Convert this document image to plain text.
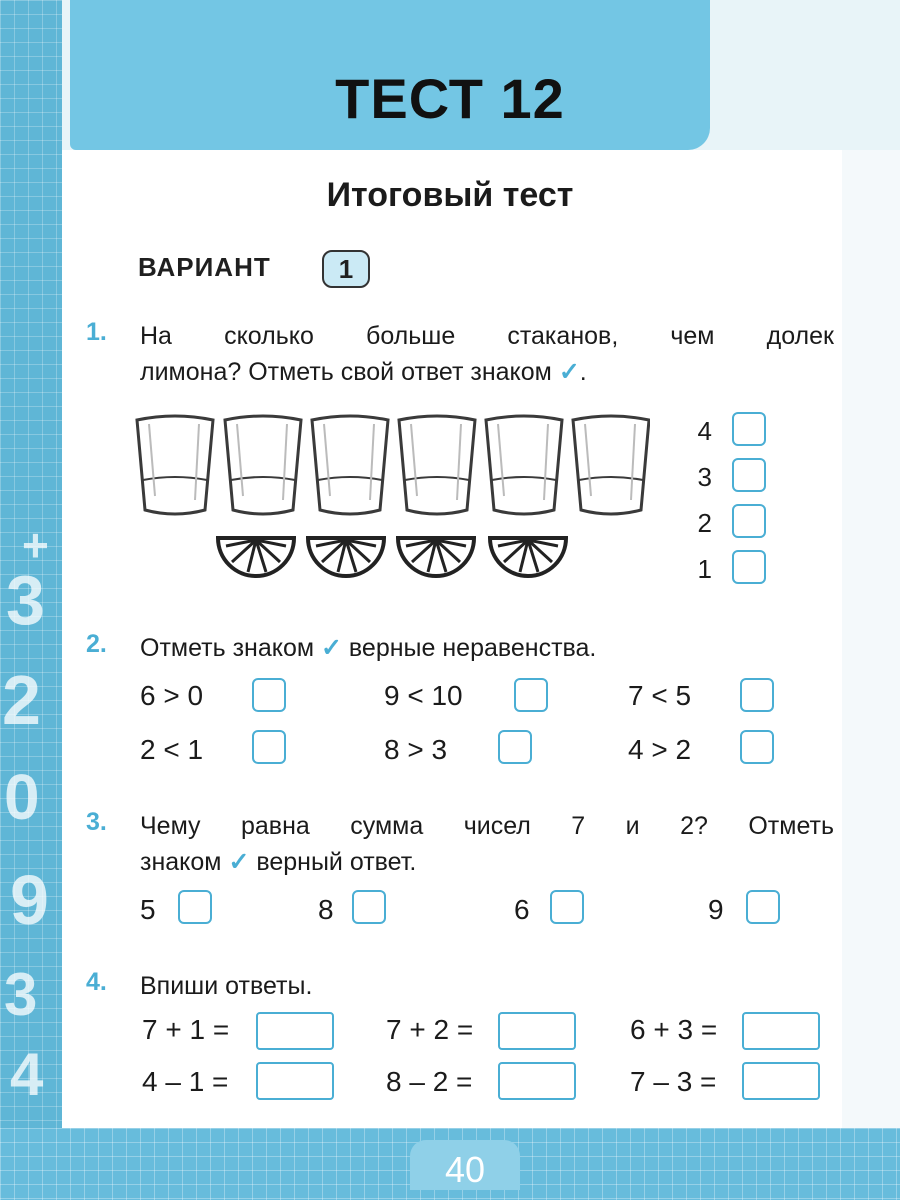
+
3
2
0
9
3
4
40
ТЕСТ 12
Итоговый тест
ВАРИАНТ	1
1. На сколько больше стаканов, чем долек
лимона? Отметь свой ответ знаком ✓.
4
3
2
1
2. Отметь знаком ✓ верные неравенства.
6 > 0	9 < 10	7 < 5
2 < 1	8 > 3	4 > 2
3. Чему равна сумма чисел 7 и 2? Отметь
знаком ✓ верный ответ.
5	8	6	9
4. Впиши ответы.
7 + 1 =	7 + 2 =	6 + 3 =
4 – 1 =	8 – 2 =	7 – 3 =
